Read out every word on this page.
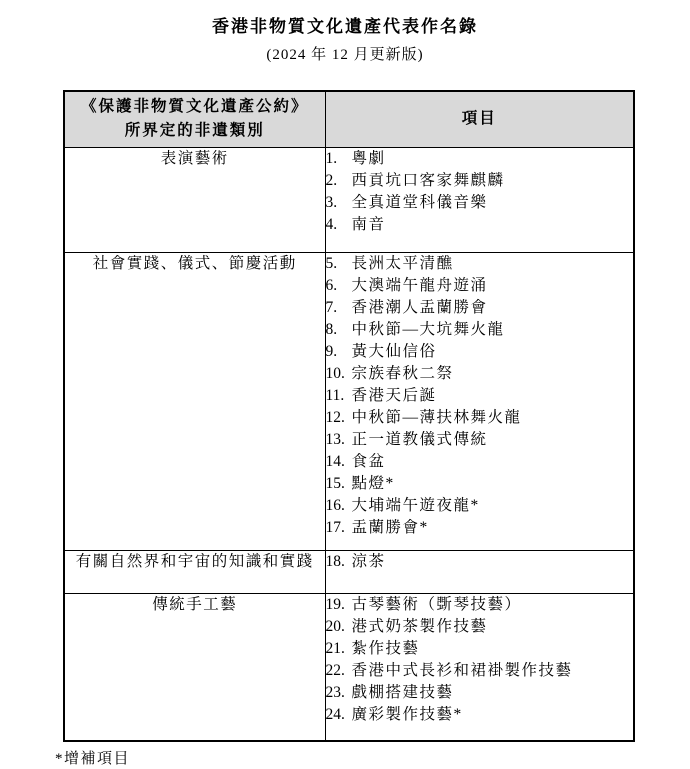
香港非物質文化遺產代表作名錄
(2024 年 12 月更新版)
《保護非物質文化遺產公約》
所界定的非遺類別	項目
表演藝術	1. 粵劇
2. 西貢坑口客家舞麒麟
3. 全真道堂科儀音樂
4. 南音

社會實踐、儀式、節慶活動	5. 長洲太平清醮
6. 大澳端午龍舟遊涌
7. 香港潮人盂蘭勝會
8. 中秋節—大坑舞火龍
9. 黃大仙信俗
10. 宗族春秋二祭
11. 香港天后誕
12. 中秋節—薄扶林舞火龍
13. 正一道教儀式傳統
14. 食盆
15. 點燈*
16. 大埔端午遊夜龍*
17. 盂蘭勝會*

有關自然界和宇宙的知識和實踐	18. 涼茶

傳統手工藝	19. 古琴藝術（斲琴技藝）
20. 港式奶茶製作技藝
21. 紮作技藝
22. 香港中式長衫和裙褂製作技藝
23. 戲棚搭建技藝
24. 廣彩製作技藝*
*增補項目
